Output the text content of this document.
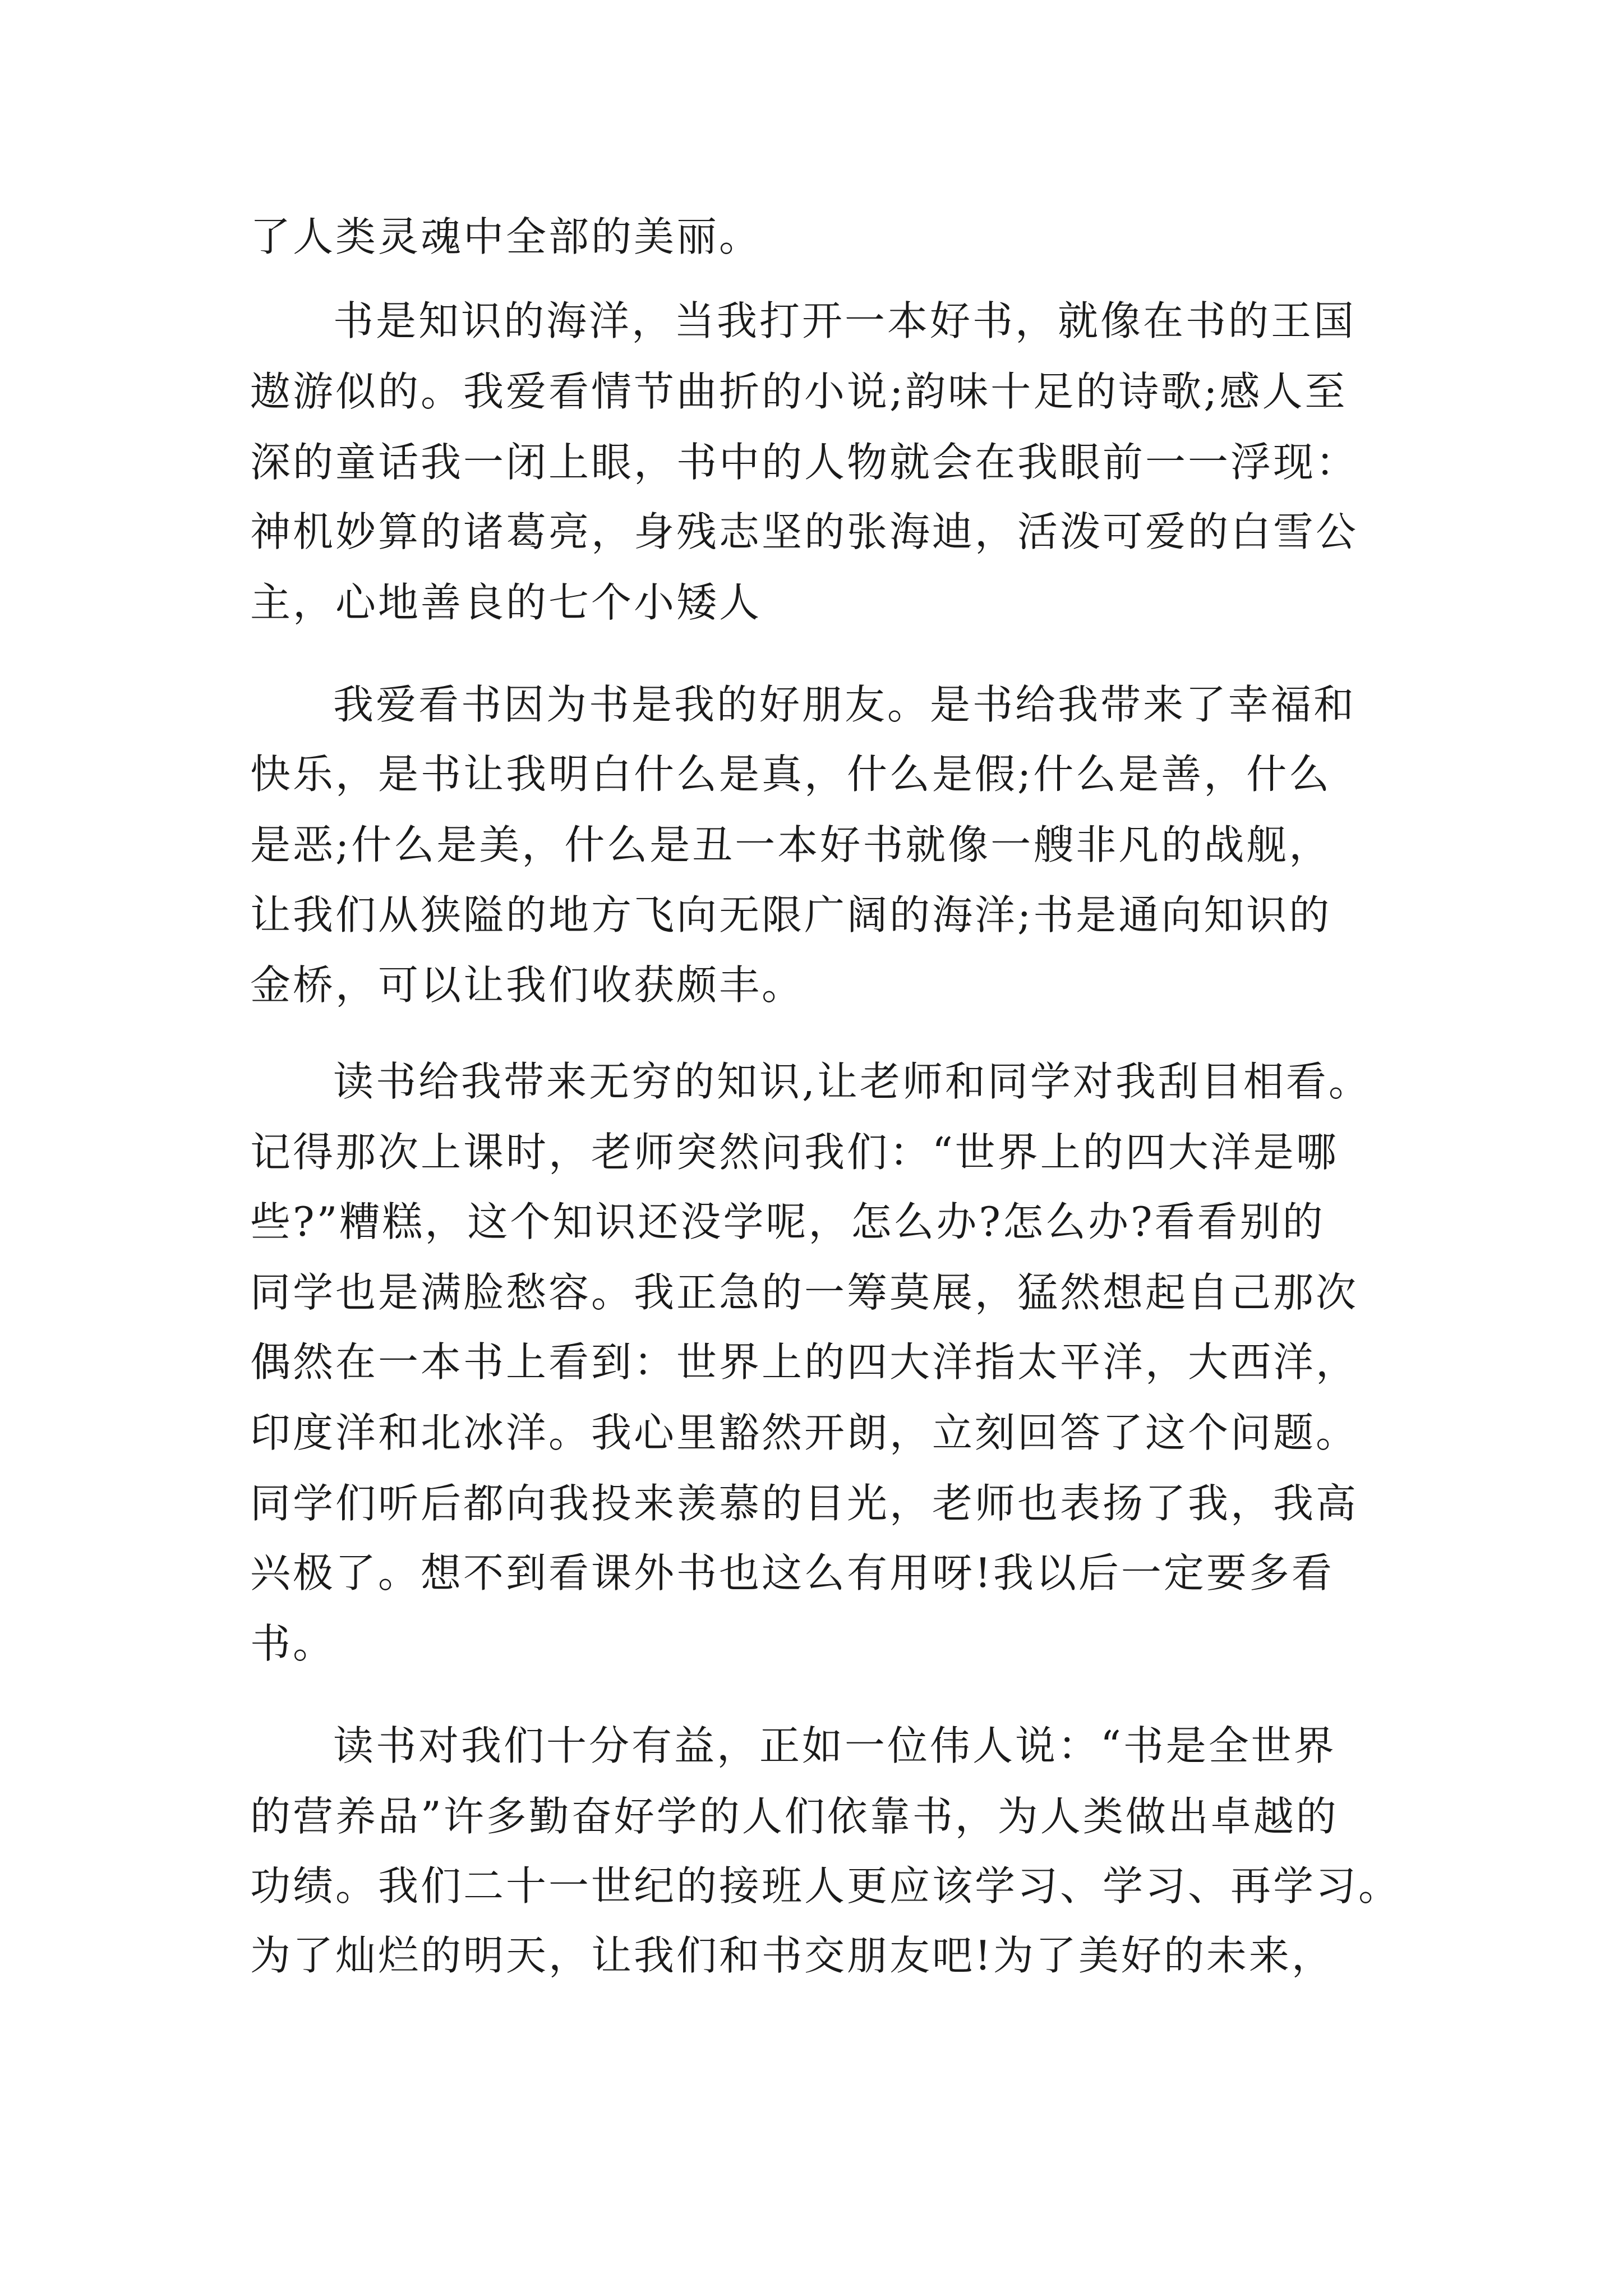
了人类灵魂中全部的美丽。

书是知识的海洋，当我打开一本好书，就像在书的王国

遨游似的。我爱看情节曲折的小说;韵味十足的诗歌;感人至

深的童话我一闭上眼，书中的人物就会在我眼前一一浮现：

神机妙算的诸葛亮，身残志坚的张海迪，活泼可爱的白雪公

主，心地善良的七个小矮人

我爱看书因为书是我的好朋友。是书给我带来了幸福和

快乐，是书让我明白什么是真，什么是假;什么是善，什么

是恶;什么是美，什么是丑一本好书就像一艘非凡的战舰，

让我们从狭隘的地方飞向无限广阔的海洋;书是通向知识的

金桥，可以让我们收获颇丰。

读书给我带来无穷的知识,让老师和同学对我刮目相看。

记得那次上课时，老师突然问我们：“世界上的四大洋是哪

些?”糟糕，这个知识还没学呢，怎么办?怎么办?看看别的

同学也是满脸愁容。我正急的一筹莫展，猛然想起自己那次

偶然在一本书上看到：世界上的四大洋指太平洋，大西洋，

印度洋和北冰洋。我心里豁然开朗，立刻回答了这个问题。

同学们听后都向我投来羡慕的目光，老师也表扬了我，我高

兴极了。想不到看课外书也这么有用呀!我以后一定要多看

书。

读书对我们十分有益，正如一位伟人说：“书是全世界

的营养品”许多勤奋好学的人们依靠书，为人类做出卓越的

功绩。我们二十一世纪的接班人更应该学习、学习、再学习。

为了灿烂的明天，让我们和书交朋友吧!为了美好的未来，
